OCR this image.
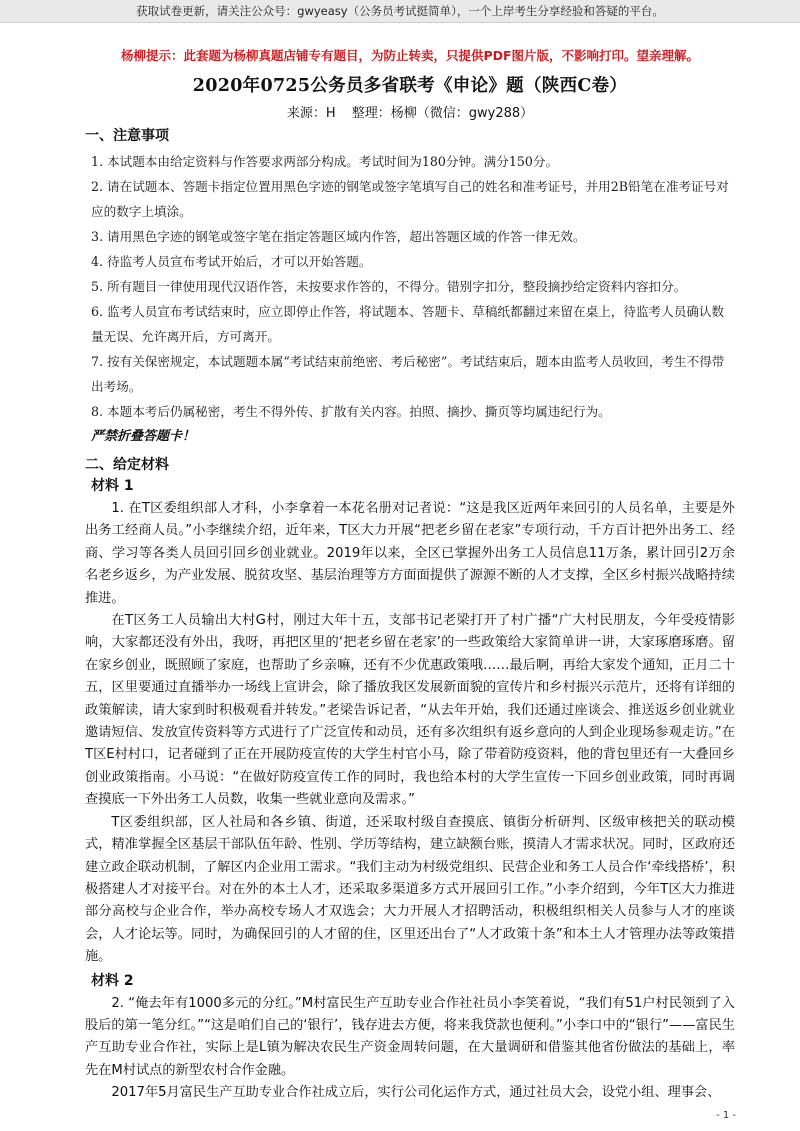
获取试卷更新，请关注公众号：gwyeasy（公务员考试挺简单），一个上岸考生分享经验和答疑的平台。
杨柳提示：此套题为杨柳真题店铺专有题目，为防止转卖，只提供PDF图片版，不影响打印。望亲理解。
2020年0725公务员多省联考《申论》题（陕西C卷）
来源：H 整理：杨柳（微信：gwy288）
一、注意事项
1. 本试题本由给定资料与作答要求两部分构成。考试时间为180分钟。满分150分。
2. 请在试题本、答题卡指定位置用黑色字迹的钢笔或签字笔填写自己的姓名和准考证号，并用2B铅笔在准考证号对应的数字上填涂。
3. 请用黑色字迹的钢笔或签字笔在指定答题区域内作答，超出答题区域的作答一律无效。
4. 待监考人员宣布考试开始后，才可以开始答题。
5. 所有题目一律使用现代汉语作答，未按要求作答的，不得分。错别字扣分，整段摘抄给定资料内容扣分。
6. 监考人员宣布考试结束时，应立即停止作答，将试题本、答题卡、草稿纸都翻过来留在桌上，待监考人员确认数量无误、允许离开后，方可离开。
7. 按有关保密规定，本试题题本属“考试结束前绝密、考后秘密”。考试结束后，题本由监考人员收回，考生不得带出考场。
8. 本题本考后仍属秘密，考生不得外传、扩散有关内容。拍照、摘抄、撕页等均属违纪行为。
严禁折叠答题卡！
二、给定材料
材料 1

1. 在T区委组织部人才科，小李拿着一本花名册对记者说：“这是我区近两年来回引的人员名单，主要是外出务工经商人员。”小李继续介绍，近年来，T区大力开展“把老乡留在老家”专项行动，千方百计把外出务工、经商、学习等各类人员回引回乡创业就业。2019年以来，全区已掌握外出务工人员信息11万条，累计回引2万余名老乡返乡，为产业发展、脱贫攻坚、基层治理等方方面面提供了源源不断的人才支撑，全区乡村振兴战略持续推进。

在T区务工人员输出大村G村，刚过大年十五，支部书记老梁打开了村广播“广大村民朋友，今年受疫情影响，大家都还没有外出，我呀，再把区里的‘把老乡留在老家’的一些政策给大家简单讲一讲，大家琢磨琢磨。留在家乡创业，既照顾了家庭，也帮助了乡亲嘛，还有不少优惠政策哦……最后啊，再给大家发个通知，正月二十五，区里要通过直播举办一场线上宣讲会，除了播放我区发展新面貌的宣传片和乡村振兴示范片，还将有详细的政策解读，请大家到时积极观看并转发。”老梁告诉记者，“从去年开始，我们还通过座谈会、推送返乡创业就业邀请短信、发放宣传资料等方式进行了广泛宣传和动员，还有多次组织有返乡意向的人到企业现场参观走访。”在T区E村村口，记者碰到了正在开展防疫宣传的大学生村官小马，除了带着防疫资料，他的背包里还有一大叠回乡创业政策指南。小马说：“在做好防疫宣传工作的同时，我也给本村的大学生宣传一下回乡创业政策，同时再调查摸底一下外出务工人员数，收集一些就业意向及需求。”

T区委组织部，区人社局和各乡镇、街道，还采取村级自查摸底、镇街分析研判、区级审核把关的联动模式，精准掌握全区基层干部队伍年龄、性别、学历等结构，建立缺额台账，摸清人才需求状况。同时，区政府还建立政企联动机制，了解区内企业用工需求。“我们主动为村级党组织、民营企业和务工人员合作‘牵线搭桥’，积极搭建人才对接平台。对在外的本土人才，还采取多渠道多方式开展回引工作。”小李介绍到，今年T区大力推进部分高校与企业合作，举办高校专场人才双选会；大力开展人才招聘活动，积极组织相关人员参与人才的座谈会，人才论坛等。同时，为确保回引的人才留的住，区里还出台了“人才政策十条”和本土人才管理办法等政策措施。

材料 2

2. “俺去年有1000多元的分红。”M村富民生产互助专业合作社社员小李笑着说，“我们有51户村民领到了入股后的第一笔分红。”“这是咱们自己的‘银行’，钱存进去方便，将来我贷款也便利。”小李口中的“银行”——富民生产互助专业合作社，实际上是L镇为解决农民生产资金周转问题，在大量调研和借鉴其他省份做法的基础上，率先在M村试点的新型农村合作金融。

2017年5月富民生产互助专业合作社成立后，实行公司化运作方式，通过社员大会，设党小组、理事会、

- 1 -
